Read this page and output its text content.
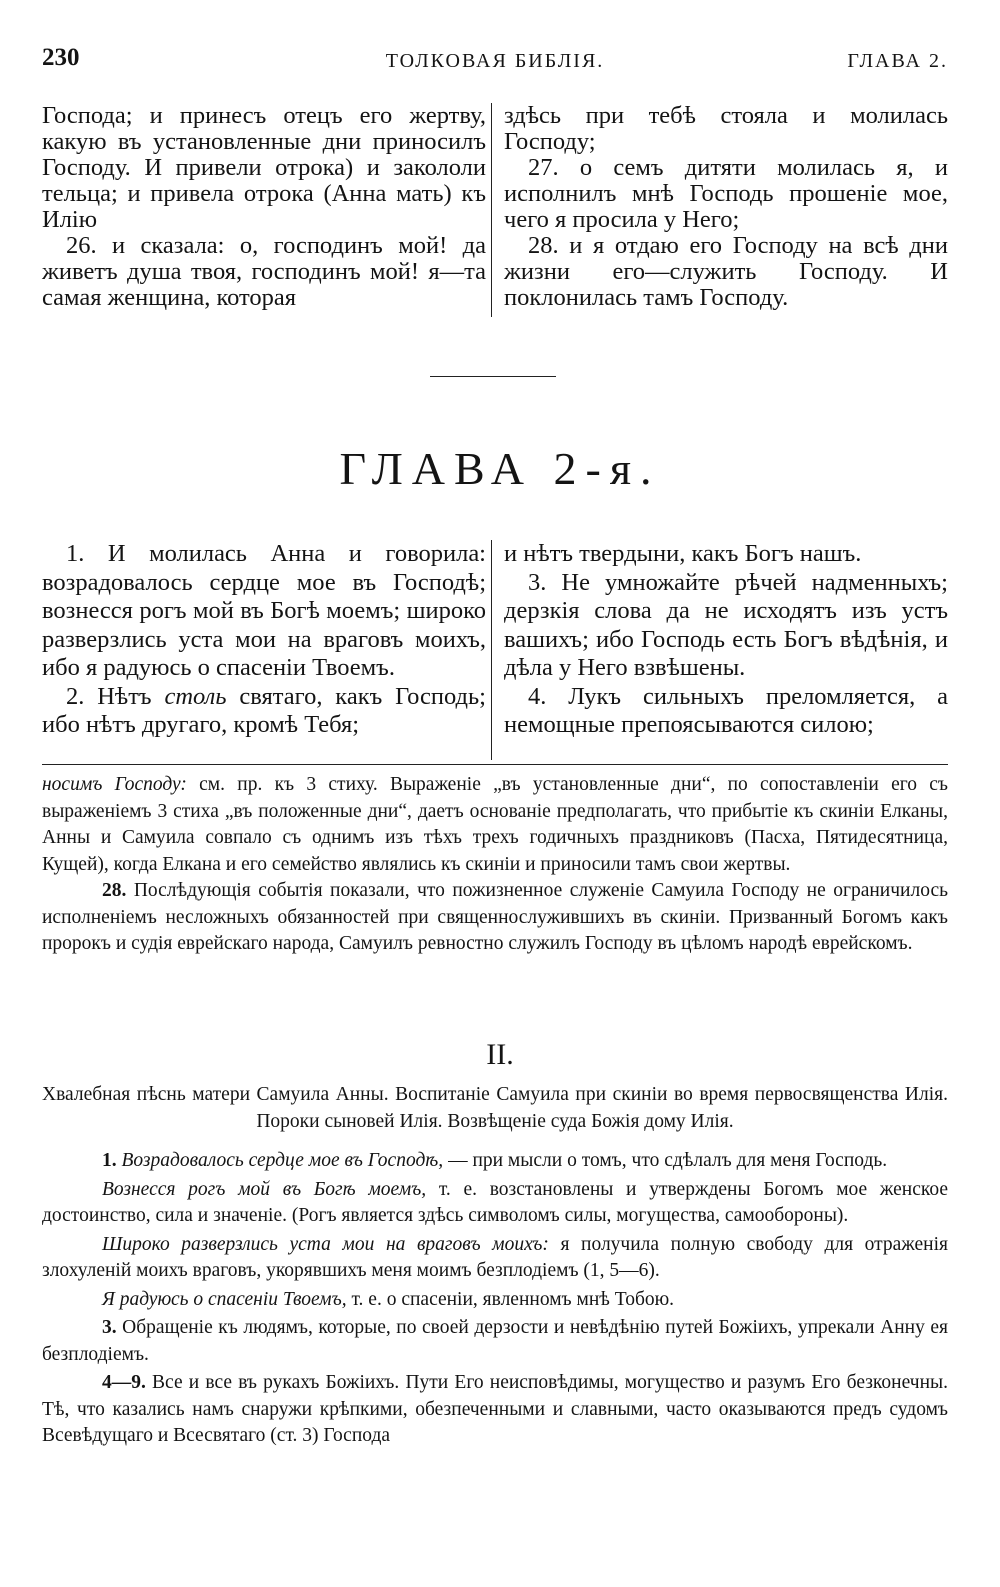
230	ТОЛКОВАЯ БИБЛІЯ.	ГЛАВА 2.

Господа; и принесъ отецъ его жертву, какую въ установленные дни приносилъ Господу. И привели отрока) и закололи тельца; и привела отрока (Анна мать) къ Илію

26. и сказала: о, господинъ мой! да живетъ душа твоя, господинъ мой! я—та самая женщина, которая

здѣсь при тебѣ стояла и молилась Господу;

27. о семъ дитяти молилась я, и исполнилъ мнѣ Господь прошеніе мое, чего я просила у Него;

28. и я отдаю его Господу на всѣ дни жизни его—служить Господу. И поклонилась тамъ Господу.

ГЛАВА 2-я.

1. И молилась Анна и говорила: возрадовалось сердце мое въ Господѣ; вознесся рогъ мой въ Богѣ моемъ; широко разверзлись уста мои на враговъ моихъ, ибо я радуюсь о спасеніи Твоемъ.

2. Нѣтъ столь святаго, какъ Господь; ибо нѣтъ другаго, кромѣ Тебя;

и нѣтъ твердыни, какъ Богъ нашъ.

3. Не умножайте рѣчей надменныхъ; дерзкія слова да не исходятъ изъ устъ вашихъ; ибо Господь есть Богъ вѣдѣнія, и дѣла у Него взвѣшены.

4. Лукъ сильныхъ преломляется, а немощные препоясываются силою;

носимъ Господу: см. пр. къ 3 стиху. Выраженіе „въ установленные дни“, по сопоставленіи его съ выраженіемъ 3 стиха „въ положенные дни“, даетъ основаніе предполагать, что прибытіе къ скиніи Елканы, Анны и Самуила совпало съ однимъ изъ тѣхъ трехъ годичныхъ праздниковъ (Пасха, Пятидесятница, Кущей), когда Елкана и его семейство являлись къ скиніи и приносили тамъ свои жертвы.

28. Послѣдующія событія показали, что пожизненное служеніе Самуила Господу не ограничилось исполненіемъ несложныхъ обязанностей при священнослужившихъ въ скиніи. Призванный Богомъ какъ пророкъ и судія еврейскаго народа, Самуилъ ревностно служилъ Господу въ цѣломъ народѣ еврейскомъ.

II.

Хвалебная пѣснь матери Самуила Анны. Воспитаніе Самуила при скиніи во время первосвященства Илія. Пороки сыновей Илія. Возвѣщеніе суда Божія дому Илія.

1. Возрадовалось сердце мое въ Господѣ, — при мысли о томъ, что сдѣлалъ для меня Господь.

Вознесся рогъ мой въ Богѣ моемъ, т. е. возстановлены и утверждены Богомъ мое женское достоинство, сила и значеніе. (Рогъ является здѣсь символомъ силы, могущества, самообороны).

Широко разверзлись уста мои на враговъ моихъ: я получила полную свободу для отраженія злохуленій моихъ враговъ, укорявшихъ меня моимъ безплодіемъ (1, 5—6).

Я радуюсь о спасеніи Твоемъ, т. е. о спасеніи, явленномъ мнѣ Тобою.

3. Обращеніе къ людямъ, которые, по своей дерзости и невѣдѣнію путей Божіихъ, упрекали Анну ея безплодіемъ.

4—9. Все и все въ рукахъ Божіихъ. Пути Его неисповѣдимы, могущество и разумъ Его безконечны. Тѣ, что казались намъ снаружи крѣпкими, обезпеченными и славными, часто оказываются предъ судомъ Всевѣдущаго и Всесвятаго (ст. 3) Господа
